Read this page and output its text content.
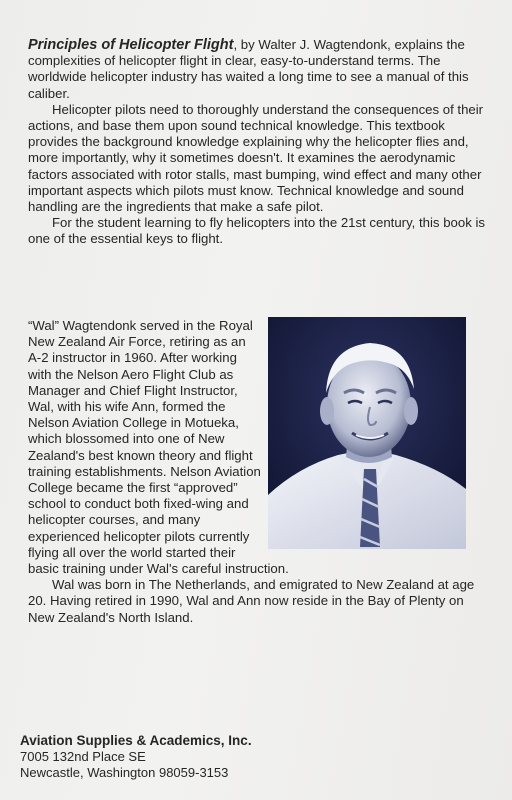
Principles of Helicopter Flight, by Walter J. Wagtendonk, explains the complexities of helicopter flight in clear, easy-to-understand terms. The worldwide helicopter industry has waited a long time to see a manual of this caliber.

Helicopter pilots need to thoroughly understand the consequences of their actions, and base them upon sound technical knowledge. This textbook provides the background knowledge explaining why the helicopter flies and, more importantly, why it sometimes doesn't. It examines the aerodynamic factors associated with rotor stalls, mast bumping, wind effect and many other important aspects which pilots must know. Technical knowledge and sound handling are the ingredients that make a safe pilot.

For the student learning to fly helicopters into the 21st century, this book is one of the essential keys to flight.

“Wal” Wagtendonk served in the Royal
New Zealand Air Force, retiring as an
A-2 instructor in 1960. After working
with the Nelson Aero Flight Club as
Manager and Chief Flight Instructor,
Wal, with his wife Ann, formed the
Nelson Aviation College in Motueka,
which blossomed into one of New
Zealand's best known theory and flight
training establishments. Nelson Aviation
College became the first “approved”
school to conduct both fixed-wing and
helicopter courses, and many
experienced helicopter pilots currently
flying all over the world started their
basic training under Wal's careful instruction.

Wal was born in The Netherlands, and emigrated to New Zealand at age 20. Having retired in 1990, Wal and Ann now reside in the Bay of Plenty on New Zealand's North Island.

Aviation Supplies & Academics, Inc.
7005 132nd Place SE
Newcastle, Washington 98059-3153
